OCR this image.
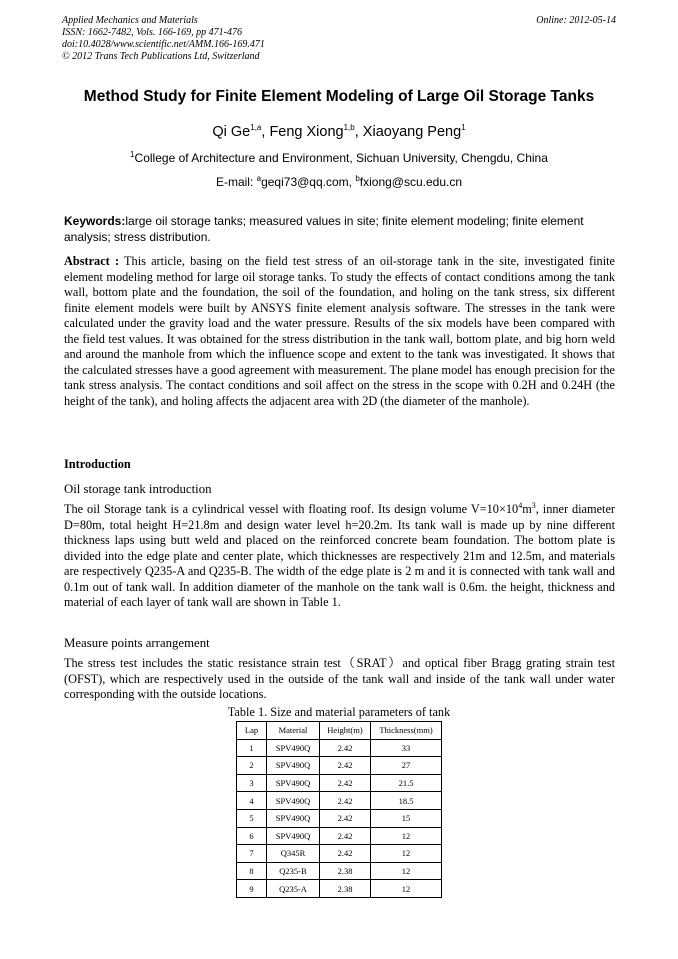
Applied Mechanics and Materials
ISSN: 1662-7482, Vols. 166-169, pp 471-476
doi:10.4028/www.scientific.net/AMM.166-169.471
© 2012 Trans Tech Publications Ltd, Switzerland
Online: 2012-05-14
Method Study for Finite Element Modeling of Large Oil Storage Tanks
Qi Ge$^{1,a}$, Feng Xiong$^{1,b}$, Xiaoyang Peng$^1$
$^1$College of Architecture and Environment, Sichuan University, Chengdu, China
E-mail: $^a$geqi73@qq.com, $^b$fxiong@scu.edu.cn
Keywords:large oil storage tanks; measured values in site; finite element modeling; finite element analysis; stress distribution.
Abstract : This article, basing on the field test stress of an oil-storage tank in the site, investigated finite element modeling method for large oil storage tanks. To study the effects of contact conditions among the tank wall, bottom plate and the foundation, the soil of the foundation, and holing on the tank stress, six different finite element models were built by ANSYS finite element analysis software. The stresses in the tank were calculated under the gravity load and the water pressure. Results of the six models have been compared with the field test values. It was obtained for the stress distribution in the tank wall, bottom plate, and big horn weld and around the manhole from which the influence scope and extent to the tank was investigated. It shows that the calculated stresses have a good agreement with measurement. The plane model has enough precision for the tank stress analysis. The contact conditions and soil affect on the stress in the scope with 0.2H and 0.24H (the height of the tank), and holing affects the adjacent area with 2D (the diameter of the manhole).
Introduction
Oil storage tank introduction
The oil Storage tank is a cylindrical vessel with floating roof. Its design volume $V=10\times 10^4m^3$, inner diameter D=80m, total height H=21.8m and design water level h=20.2m. Its tank wall is made up by nine different thickness laps using butt weld and placed on the reinforced concrete beam foundation. The bottom plate is divided into the edge plate and center plate, which thicknesses are respectively 21m and 12.5m, and materials are respectively Q235-A and Q235-B. The width of the edge plate is 2 m and it is connected with tank wall and 0.1m out of tank wall. In addition diameter of the manhole on the tank wall is 0.6m. the height, thickness and material of each layer of tank wall are shown in Table 1.
Measure points arrangement
The stress test includes the static resistance strain test（SRAT）and optical fiber Bragg grating strain test (OFST), which are respectively used in the outside of the tank wall and inside of the tank wall under water corresponding with the outside locations.
Table 1. Size and material parameters of tank
Lap	Material	Height(m)	Thickness(mm)
1	SPV490Q	2.42	33
2	SPV490Q	2.42	27
3	SPV490Q	2.42	21.5
4	SPV490Q	2.42	18.5
5	SPV490Q	2.42	15
6	SPV490Q	2.42	12
7	Q345R	2.42	12
8	Q235-B	2.38	12
9	Q235-A	2.38	12
